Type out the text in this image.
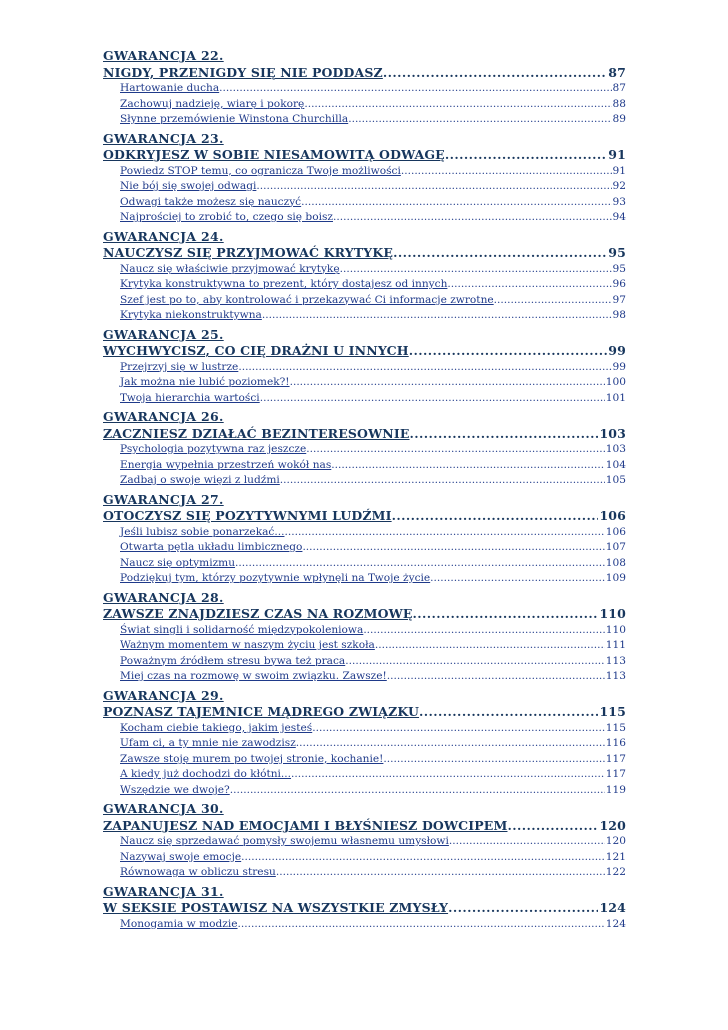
GWARANCJA 22.
NIGDY, PRZENIGDY SIĘ NIE PODDASZ .....	87
Hartowanie ducha .....	87
Zachowuj nadzieję, wiarę i pokorę .....	88
Słynne przemówienie Winstona Churchilla .....	89
GWARANCJA 23.
ODKRYJESZ W SOBIE NIESAMOWITĄ ODWAGĘ .....	91
Powiedz STOP temu, co ogranicza Twoje możliwości .....	91
Nie bój się swojej odwagi .....	92
Odwagi także możesz się nauczyć .....	93
Najprościej to zrobić to, czego się boisz .....	94
GWARANCJA 24.
NAUCZYSZ SIĘ PRZYJMOWAĆ KRYTYKĘ .....	95
Naucz się właściwie przyjmować krytykę .....	95
Krytyka konstruktywna to prezent, który dostajesz od innych .....	96
Szef jest po to, aby kontrolować i przekazywać Ci informacje zwrotne .....	97
Krytyka niekonstruktywna .....	98
GWARANCJA 25.
WYCHWYCISZ, CO CIĘ DRAŻNI U INNYCH .....	99
Przejrzyj się w lustrze .....	99
Jak można nie lubić poziomek?! .....	100
Twoja hierarchia wartości .....	101
GWARANCJA 26.
ZACZNIESZ DZIAŁAĆ BEZINTERESOWNIE .....	103
Psychologia pozytywna raz jeszcze .....	103
Energia wypełnia przestrzeń wokół nas .....	104
Zadbaj o swoje więzi z ludźmi .....	105
GWARANCJA 27.
OTOCZYSZ SIĘ POZYTYWNYMI LUDŹMI .....	106
Jeśli lubisz sobie ponarzekać... .....	106
Otwarta pętla układu limbicznego .....	107
Naucz się optymizmu .....	108
Podziękuj tym, którzy pozytywnie wpłynęli na Twoje życie .....	109
GWARANCJA 28.
ZAWSZE ZNAJDZIESZ CZAS NA ROZMOWĘ .....	110
Świat singli i solidarność międzypokoleniowa .....	110
Ważnym momentem w naszym życiu jest szkoła .....	111
Poważnym źródłem stresu bywa też praca .....	113
Miej czas na rozmowę w swoim związku. Zawsze! .....	113
GWARANCJA 29.
POZNASZ TAJEMNICE MĄDREGO ZWIĄZKU .....	115
Kocham ciebie takiego, jakim jesteś .....	115
Ufam ci, a ty mnie nie zawodzisz .....	116
Zawsze stoję murem po twojej stronie, kochanie! .....	117
A kiedy już dochodzi do kłótni... .....	117
Wszędzie we dwoje? .....	119
GWARANCJA 30.
ZAPANUJESZ NAD EMOCJAMI I BŁYŚNIESZ DOWCIPEM .....	120
Naucz się sprzedawać pomysły swojemu własnemu umysłowi .....	120
Nazywaj swoje emocje .....	121
Równowaga w obliczu stresu .....	122
GWARANCJA 31.
W SEKSIE POSTAWISZ NA WSZYSTKIE ZMYSŁY .....	124
Monogamia w modzie .....	124
